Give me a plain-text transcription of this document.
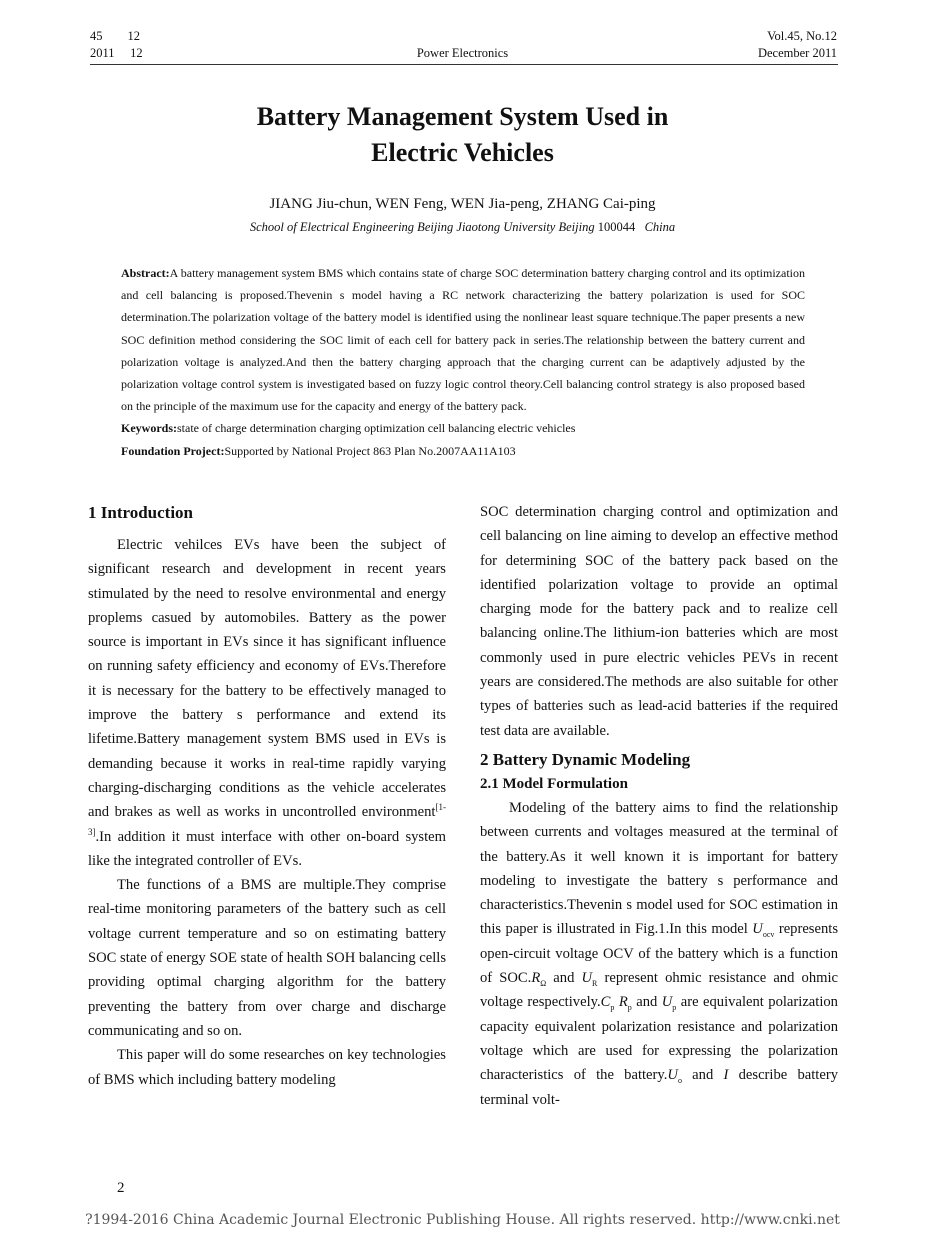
45　　12
2011　 12	Power Electronics
Vol.45, No.12
December 2011
Battery Management System Used in
Electric Vehicles
JIANG Jiu-chun, WEN Feng, WEN Jia-peng, ZHANG Cai-ping
School of Electrical Engineering Beijing Jiaotong University Beijing 100044 China
Abstract:A battery management system BMS which contains state of charge SOC determination battery charging control and its optimization and cell balancing is proposed.Thevenin s model having a RC network characterizing the battery polarization is used for SOC determination.The polarization voltage of the battery model is identified using the nonlinear least square technique.The paper presents a new SOC definition method considering the SOC limit of each cell for battery pack in series.The relationship between the battery current and polarization voltage is analyzed.And then the battery charging approach that the charging current can be adaptively adjusted by the polarization voltage control system is investigated based on fuzzy logic control theory.Cell balancing control strategy is also proposed based on the principle of the maximum use for the capacity and energy of the battery pack.
Keywords:state of charge determination charging optimization cell balancing electric vehicles
Foundation Project:Supported by National Project 863 Plan No.2007AA11A103
1 Introduction

Electric vehilces EVs have been the subject of significant research and development in recent years stimulated by the need to resolve environmental and energy proplems casued by automobiles. Battery as the power source is important in EVs since it has significant influence on running safety efficiency and economy of EVs.Therefore it is necessary for the battery to be effectively managed to improve the battery s performance and extend its lifetime.Battery management system BMS used in EVs is demanding because it works in real-time rapidly varying charging-discharging conditions as the vehicle accelerates and brakes as well as works in uncontrolled environment[1-3].In addition it must interface with other on-board system like the integrated controller of EVs.

The functions of a BMS are multiple.They comprise real-time monitoring parameters of the battery such as cell voltage current temperature and so on estimating battery SOC state of energy SOE state of health SOH balancing cells providing optimal charging algorithm for the battery preventing the battery from over charge and discharge communicating and so on.

This paper will do some researches on key technologies of BMS which including battery modeling

SOC determination charging control and optimization and cell balancing on line aiming to develop an effective method for determining SOC of the battery pack based on the identified polarization voltage to provide an optimal charging mode for the battery pack and to realize cell balancing online.The lithium-ion batteries which are most commonly used in pure electric vehicles PEVs in recent years are considered.The methods are also suitable for other types of batteries such as lead-acid batteries if the required test data are available.

2 Battery Dynamic Modeling
2.1 Model Formulation

Modeling of the battery aims to find the relationship between currents and voltages measured at the terminal of the battery.As it well known it is important for battery modeling to investigate the battery s performance and characteristics.Thevenin s model used for SOC estimation in this paper is illustrated in Fig.1.In this model $U_{ocv}$ represents open-circuit voltage OCV of the battery which is a function of $SOC.R_\Omega$ and $U_R$ represent ohmic resistance and ohmic voltage $respectively.C_p$ $R_p$ and $U_p$ are equivalent polarization capacity equivalent polarization resistance and polarization voltage which are used for expressing the polarization characteristics of the $battery.U_o$ and I describe battery terminal volt-

2
?1994-2016 China Academic Journal Electronic Publishing House. All rights reserved. http://www.cnki.net
